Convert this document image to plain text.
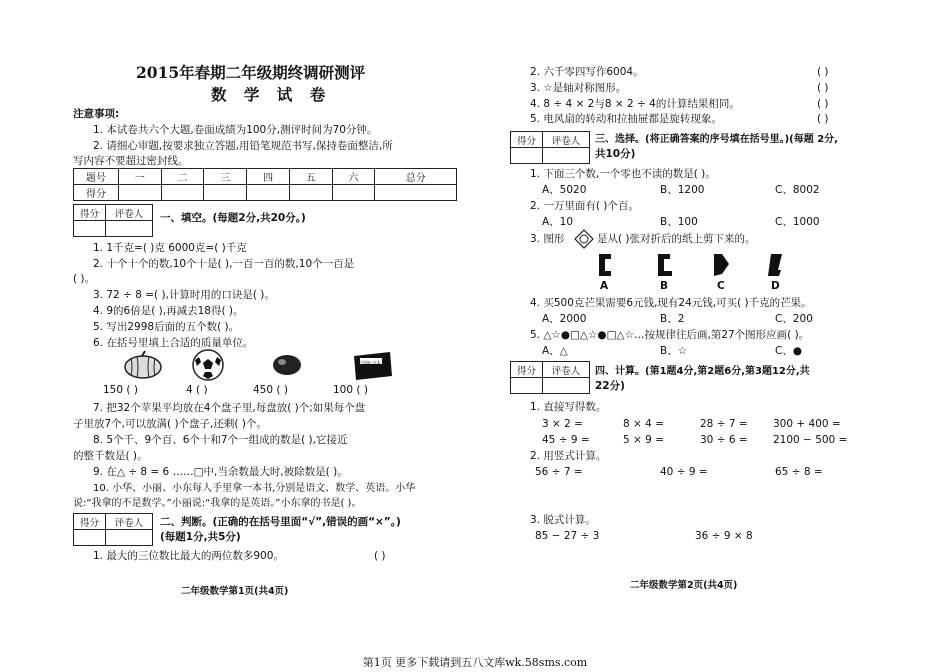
2015年春期二年级期终调研测评
数 学 试 卷
注意事项:
1. 本试卷共六个大题,卷面成绩为100分,测评时间为70分钟。
2. 请细心审题,按要求独立答题,用铅笔规范书写,保持卷面整洁,所
写内容不要超过密封线。
题号	一	二	三	四	五	六	总分
得分							
得分	评卷人
	一、填空。(每题2分,共20分。)
1. 1千克=( )克 6000克=( )千克
2. 十个十个的数,10个十是( ),一百一百的数,10个一百是
( )。
3. 72 ÷ 8 =( ),计算时用的口诀是( )。
4. 9的6倍是( ),再减去18得( )。
5. 写出2998后面的五个数( )。
6. 在括号里填上合适的质量单位。
数学练习本
150 ( )	4 ( )	450 ( )	100 ( )
7. 把32个苹果平均放在4个盘子里,每盘放( )个;如果每个盘
子里放7个,可以放满( )个盘子,还剩( )个。
8. 5个千、9个百、6个十和7个一组成的数是( ),它接近
的整千数是( )。
9. 在△ ÷ 8 = 6 ……□中,当余数最大时,被除数是( )。
10. 小华、小丽、小东每人手里拿一本书,分别是语文、数学、英语。小华
说:“我拿的不是数学。”小丽说:“我拿的是英语。”小东拿的书是( )。
得分	评卷人
	二、判断。(正确的在括号里面“√”,错误的画“×”。)
(每题1分,共5分)
1. 最大的三位数比最大的两位数多900。	( )
二年级数学第1页(共4页)
2. 六千零四写作6004。	( )
3. ☆是轴对称图形。	( )
4. 8 ÷ 4 × 2与8 × 2 ÷ 4的计算结果相同。	( )
5. 电风扇的转动和拉抽屉都是旋转现象。	( )
得分	评卷人
	三、选择。(将正确答案的序号填在括号里。)(每题 2分,
共10分)
1. 下面三个数,一个零也不读的数是( )。
A、5020	B、1200	C、8002
2. 一万里面有( )个百。
A、10	B、100	C、1000
3. 图形	是从( )张对折后的纸上剪下来的。
A	B	C	D
4. 买500克芒果需要6元钱,现有24元钱,可买( )千克的芒果。
A、2000	B、2	C、200
5. △☆●□△☆●□△☆…按规律往后画,第27个图形应画( )。
A、△	B、☆	C、●
得分	评卷人
	四、计算。(第1题4分,第2题6分,第3题12分,共
22分)
1. 直接写得数。
3 × 2 =	8 × 4 =	28 ÷ 7 = 300 + 400 =
45 ÷ 9 =	5 × 9 =	30 ÷ 6 = 2100 − 500 =
2. 用竖式计算。
56 ÷ 7 =	40 ÷ 9 =	65 ÷ 8 =
3. 脱式计算。
85 − 27 ÷ 3	36 ÷ 9 × 8
二年级数学第2页(共4页)
第1页 更多下载请到五八文库wk.58sms.com
